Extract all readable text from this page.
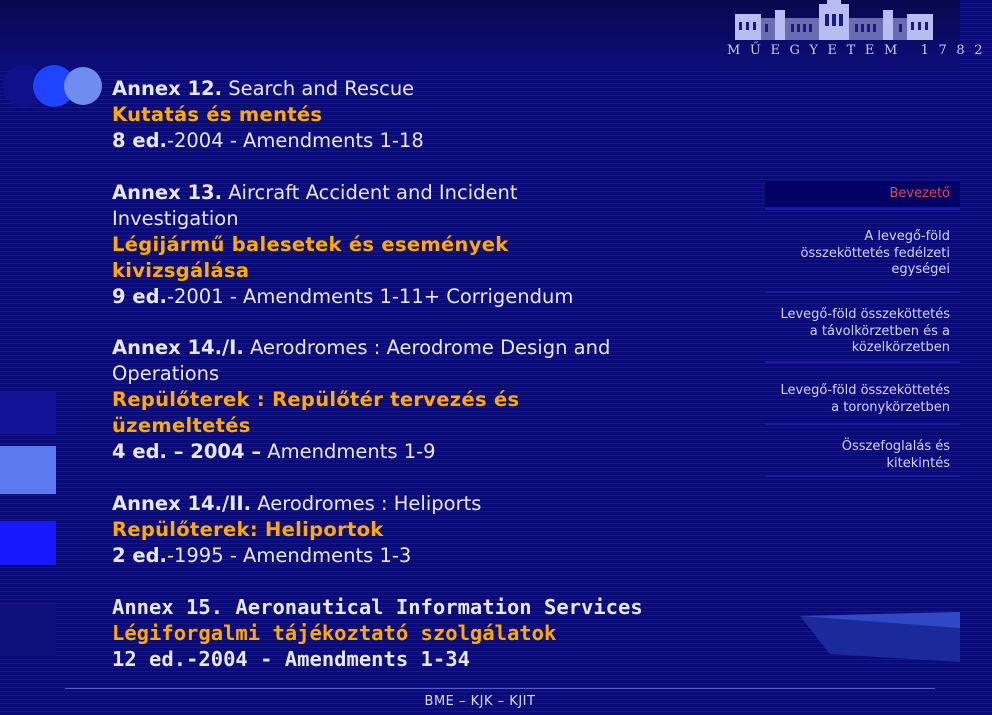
MŰEGYETEM 1782
Annex 12. Search and Rescue
Kutatás és mentés
8 ed.-2004 - Amendments 1-18
Annex 13. Aircraft Accident and Incident
Investigation
Légijármű balesetek és események
kivizsgálása
9 ed.-2001 - Amendments 1-11+ Corrigendum
Annex 14./I. Aerodromes : Aerodrome Design and
Operations
Repülőterek : Repülőtér tervezés és
üzemeltetés
4 ed. – 2004 – Amendments 1-9
Annex 14./II. Aerodromes : Heliports
Repülőterek: Heliportok
2 ed.-1995 - Amendments 1-3
Annex 15. Aeronautical Information Services
Légiforgalmi tájékoztató szolgálatok
12 ed.-2004 - Amendments 1-34
Bevezető
A levegő-föld
összeköttetés fedélzeti
egységei
Levegő-föld összeköttetés
a távolkörzetben és a
közelkörzetben
Levegő-föld összeköttetés
a toronykörzetben
Összefoglalás és
kitekintés
BME – KJK – KJIT
